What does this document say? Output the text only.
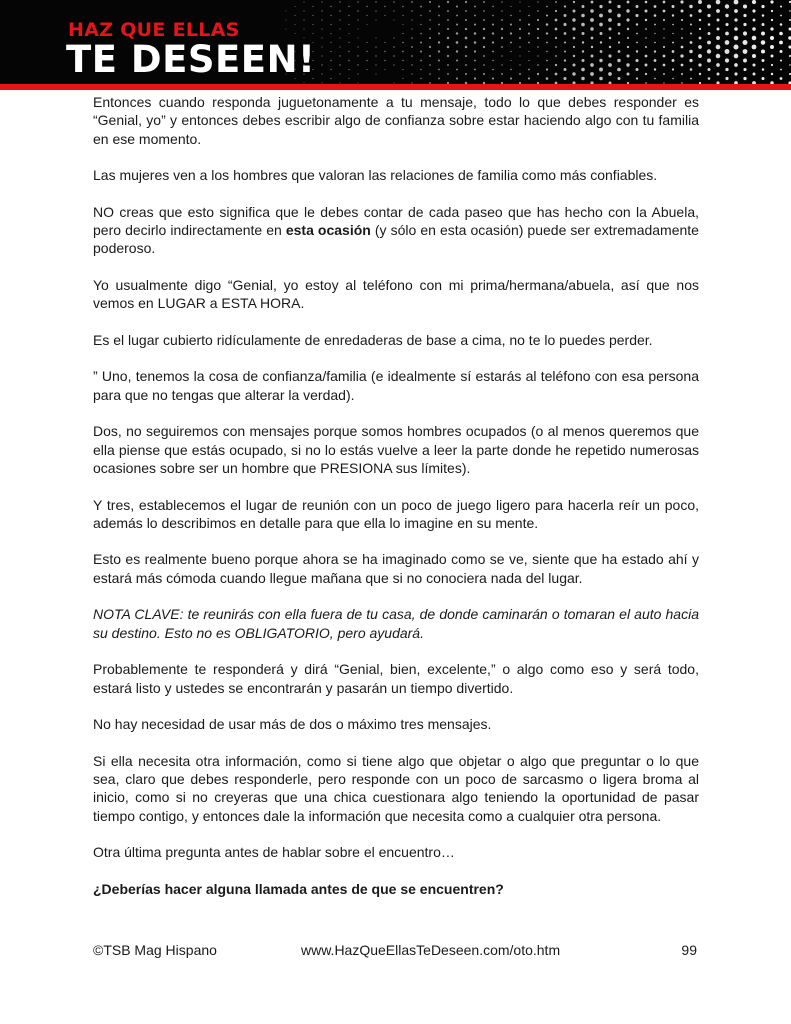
HAZ QUE ELLAS
TE DESEEN!

Entonces cuando responda juguetonamente a tu mensaje, todo lo que debes responder es “Genial, yo” y entonces debes escribir algo de confianza sobre estar haciendo algo con tu familia en ese momento.

Las mujeres ven a los hombres que valoran las relaciones de familia como más confiables.

NO creas que esto significa que le debes contar de cada paseo que has hecho con la Abuela, pero decirlo indirectamente en esta ocasión (y sólo en esta ocasión) puede ser extremadamente poderoso.

Yo usualmente digo “Genial, yo estoy al teléfono con mi prima/hermana/abuela, así que nos vemos en LUGAR a ESTA HORA.

Es el lugar cubierto ridículamente de enredaderas de base a cima, no te lo puedes perder.

” Uno, tenemos la cosa de confianza/familia (e idealmente sí estarás al teléfono con esa persona para que no tengas que alterar la verdad).

Dos, no seguiremos con mensajes porque somos hombres ocupados (o al menos queremos que ella piense que estás ocupado, si no lo estás vuelve a leer la parte donde he repetido numerosas ocasiones sobre ser un hombre que PRESIONA sus límites).

Y tres, establecemos el lugar de reunión con un poco de juego ligero para hacerla reír un poco, además lo describimos en detalle para que ella lo imagine en su mente.

Esto es realmente bueno porque ahora se ha imaginado como se ve, siente que ha estado ahí y estará más cómoda cuando llegue mañana que si no conociera nada del lugar.

NOTA CLAVE: te reunirás con ella fuera de tu casa, de donde caminarán o tomaran el auto hacia su destino. Esto no es OBLIGATORIO, pero ayudará.

Probablemente te responderá y dirá “Genial, bien, excelente,” o algo como eso y será todo, estará listo y ustedes se encontrarán y pasarán un tiempo divertido.

No hay necesidad de usar más de dos o máximo tres mensajes.

Si ella necesita otra información, como si tiene algo que objetar o algo que preguntar o lo que sea, claro que debes responderle, pero responde con un poco de sarcasmo o ligera broma al inicio, como si no creyeras que una chica cuestionara algo teniendo la oportunidad de pasar tiempo contigo, y entonces dale la información que necesita como a cualquier otra persona.

Otra última pregunta antes de hablar sobre el encuentro…

¿Deberías hacer alguna llamada antes de que se encuentren?

©TSB Mag Hispano	www.HazQueEllasTeDeseen.com/oto.htm	99
